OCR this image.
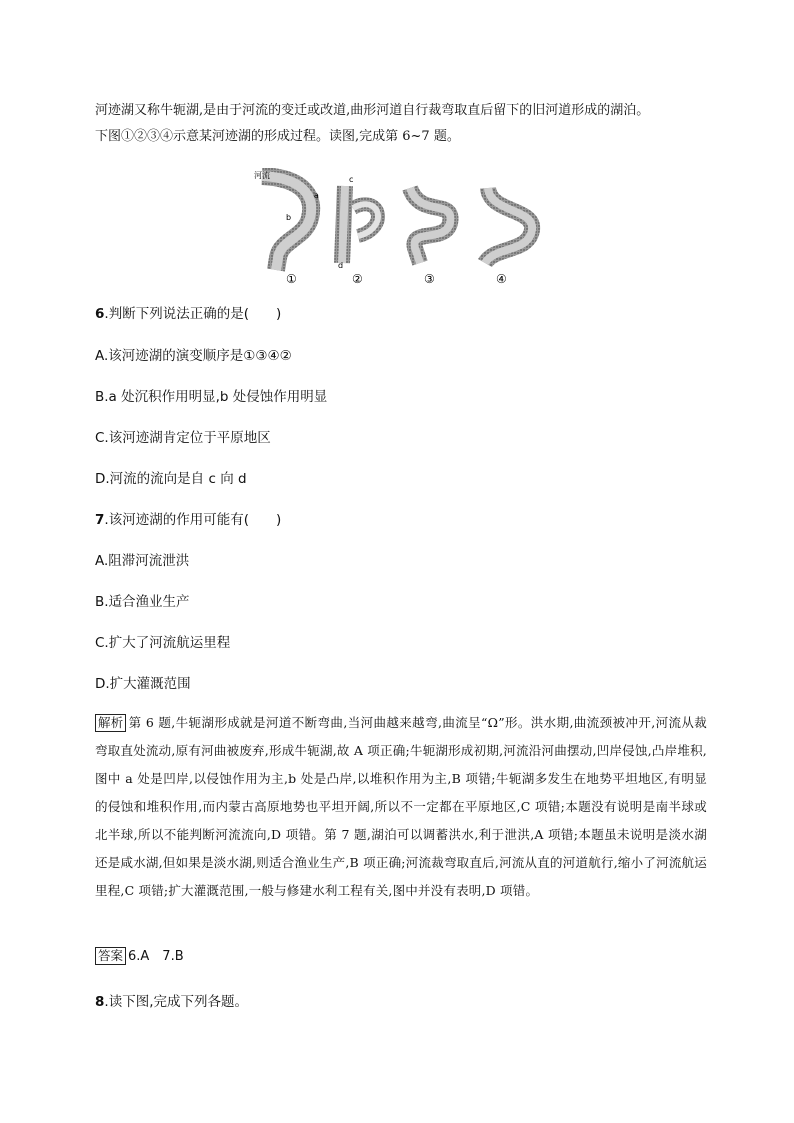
河迹湖又称牛轭湖,是由于河流的变迁或改道,曲形河道自行裁弯取直后留下的旧河道形成的湖泊。
下图①②③④示意某河迹湖的形成过程。读图,完成第 6~7 题。
河流
a
b
c
d
①	②	③	④
6.判断下列说法正确的是(　　)
A.该河迹湖的演变顺序是①③④②
B.a 处沉积作用明显,b 处侵蚀作用明显
C.该河迹湖肯定位于平原地区
D.河流的流向是自 c 向 d
7.该河迹湖的作用可能有(　　)
A.阻滞河流泄洪
B.适合渔业生产
C.扩大了河流航运里程
D.扩大灌溉范围
解析 第 6 题,牛轭湖形成就是河道不断弯曲,当河曲越来越弯,曲流呈“Ω”形。洪水期,曲流颈被冲开,河流从裁弯取直处流动,原有河曲被废弃,形成牛轭湖,故 A 项正确;牛轭湖形成初期,河流沿河曲摆动,凹岸侵蚀,凸岸堆积,图中 a 处是凹岸,以侵蚀作用为主,b 处是凸岸,以堆积作用为主,B 项错;牛轭湖多发生在地势平坦地区,有明显的侵蚀和堆积作用,而内蒙古高原地势也平坦开阔,所以不一定都在平原地区,C 项错;本题没有说明是南半球或北半球,所以不能判断河流流向,D 项错。第 7 题,湖泊可以调蓄洪水,利于泄洪,A 项错;本题虽未说明是淡水湖还是咸水湖,但如果是淡水湖,则适合渔业生产,B 项正确;河流裁弯取直后,河流从直的河道航行,缩小了河流航运里程,C 项错;扩大灌溉范围,一般与修建水利工程有关,图中并没有表明,D 项错。
答案 6.A　7.B
8.读下图,完成下列各题。
